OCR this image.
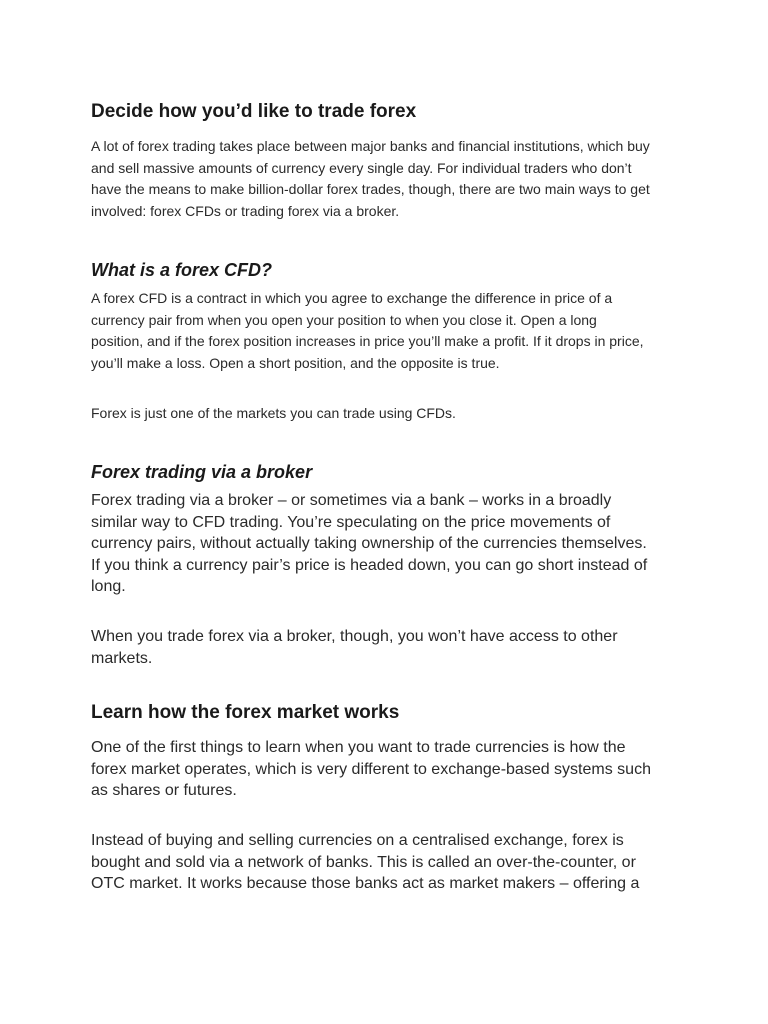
Decide how you’d like to trade forex

A lot of forex trading takes place between major banks and financial institutions, which buy and sell massive amounts of currency every single day. For individual traders who don’t have the means to make billion-dollar forex trades, though, there are two main ways to get involved: forex CFDs or trading forex via a broker.

What is a forex CFD?

A forex CFD is a contract in which you agree to exchange the difference in price of a currency pair from when you open your position to when you close it. Open a long position, and if the forex position increases in price you’ll make a profit. If it drops in price, you’ll make a loss. Open a short position, and the opposite is true.

Forex is just one of the markets you can trade using CFDs.

Forex trading via a broker

Forex trading via a broker – or sometimes via a bank – works in a broadly similar way to CFD trading. You’re speculating on the price movements of currency pairs, without actually taking ownership of the currencies themselves. If you think a currency pair’s price is headed down, you can go short instead of long.

When you trade forex via a broker, though, you won’t have access to other markets.

Learn how the forex market works

One of the first things to learn when you want to trade currencies is how the forex market operates, which is very different to exchange-based systems such as shares or futures.

Instead of buying and selling currencies on a centralised exchange, forex is bought and sold via a network of banks. This is called an over-the-counter, or OTC market. It works because those banks act as market makers – offering a
